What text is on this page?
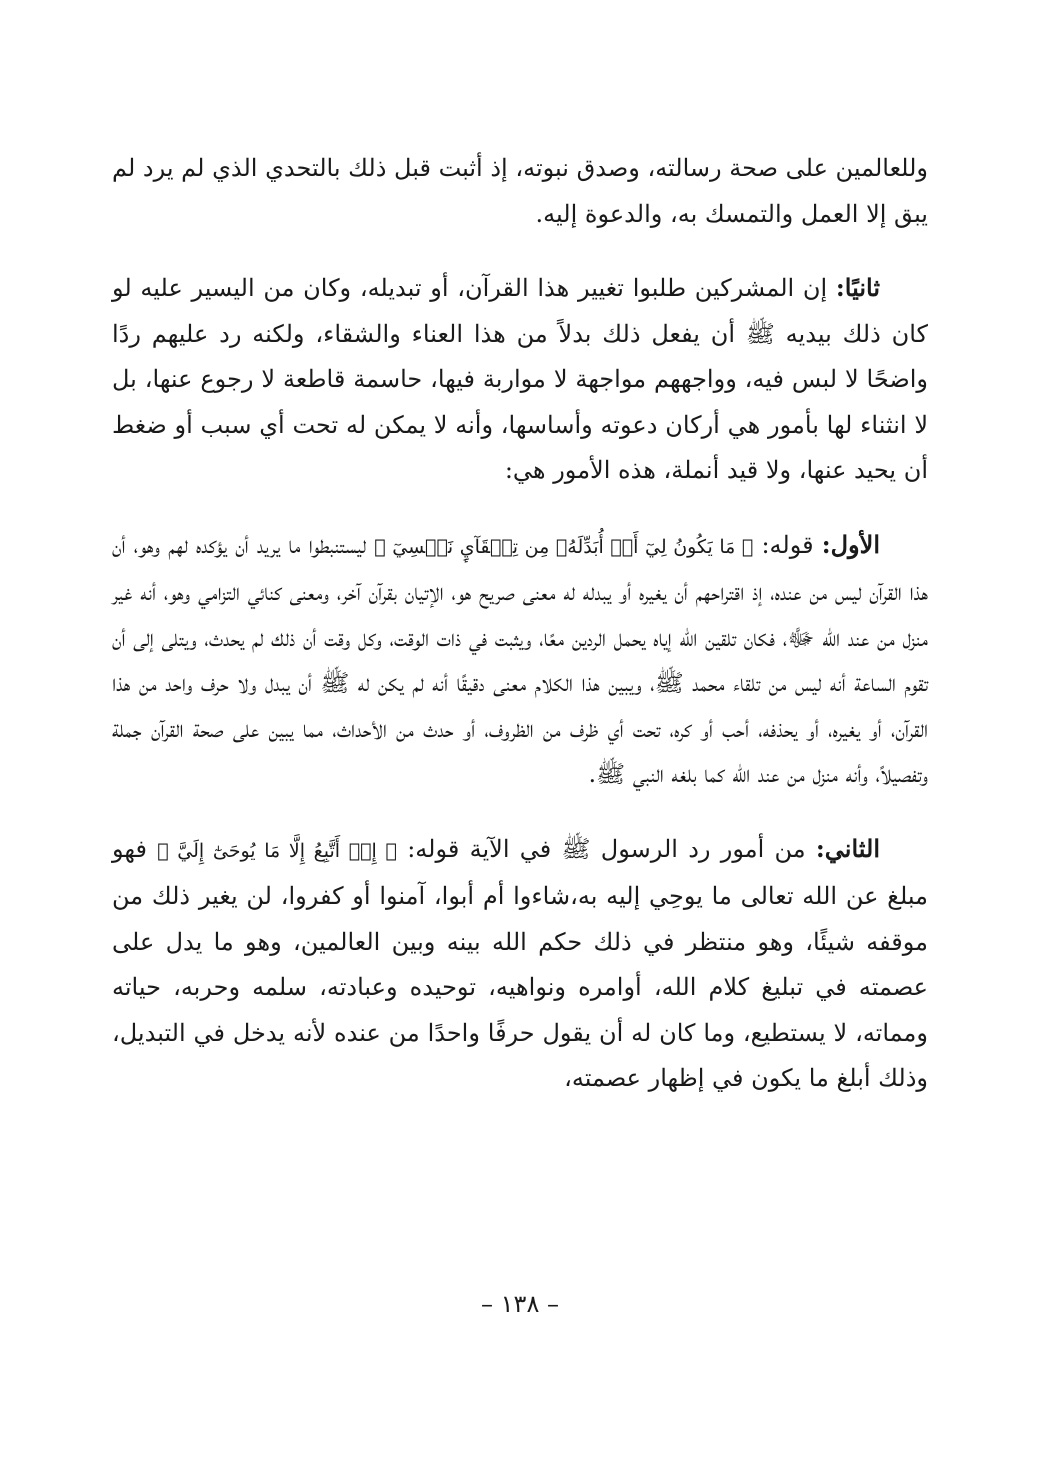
وللعالمين على صحة رسالته، وصدق نبوته، إذ أثبت قبل ذلك بالتحدي الذي لم يرد لم يبق إلا العمل والتمسك به، والدعوة إليه.

ثانيًا: إن المشركين طلبوا تغيير هذا القرآن، أو تبديله، وكان من اليسير عليه لو كان ذلك بيديه ﷺ أن يفعل ذلك بدلاً من هذا العناء والشقاء، ولكنه رد عليهم ردًا واضحًا لا لبس فيه، وواجههم مواجهة لا مواربة فيها، حاسمة قاطعة لا رجوع عنها، بل لا انثناء لها بأمور هي أركان دعوته وأساسها، وأنه لا يمكن له تحت أي سبب أو ضغط أن يحيد عنها، ولا قيد أنملة، هذه الأمور هي:

الأول: قوله: ﴿ مَا يَكُونُ لِيٓ أَنۡ أُبَدِّلَهُۥ مِن تِلۡقَآيِٕ نَفۡسِيٓ ﴾ ليستنبطوا ما يريد أن يؤكده لهم وهو، أن هذا القرآن ليس من عنده، إذ اقتراحهم أن يغيره أو يبدله له معنى صريح هو، الإتيان بقرآن آخر، ومعنى كنائي التزامي وهو، أنه غير منزل من عند الله ﷻ، فكان تلقين الله إياه يحمل الردين معًا، ويثبت في ذات الوقت، وكل وقت أن ذلك لم يحدث، ويتلى إلى أن تقوم الساعة أنه ليس من تلقاء محمد ﷺ، ويبين هذا الكلام معنى دقيقًا أنه لم يكن له ﷺ أن يبدل ولا حرف واحد من هذا القرآن، أو يغيره، أو يحذفه، أحب أو كره، تحت أي ظرف من الظروف، أو حدث من الأحداث، مما يبين على صحة القرآن جملة وتفصيلاً، وأنه منزل من عند الله كما بلغه النبي ﷺ.

الثاني: من أمور رد الرسول ﷺ في الآية قوله: ﴿ إِنۡ أَتَّبِعُ إِلَّا مَا يُوحَىٰٓ إِلَيَّ ﴾ فهو مبلغ عن الله تعالى ما يوحِي إليه به،شاءوا أم أبوا، آمنوا أو كفروا، لن يغير ذلك من موقفه شيئًا، وهو منتظر في ذلك حكم الله بينه وبين العالمين، وهو ما يدل على عصمته في تبليغ كلام الله، أوامره ونواهيه، توحيده وعبادته، سلمه وحربه، حياته ومماته، لا يستطيع، وما كان له أن يقول حرفًا واحدًا من عنده لأنه يدخل في التبديل، وذلك أبلغ ما يكون في إظهار عصمته،

– ١٣٨ –
